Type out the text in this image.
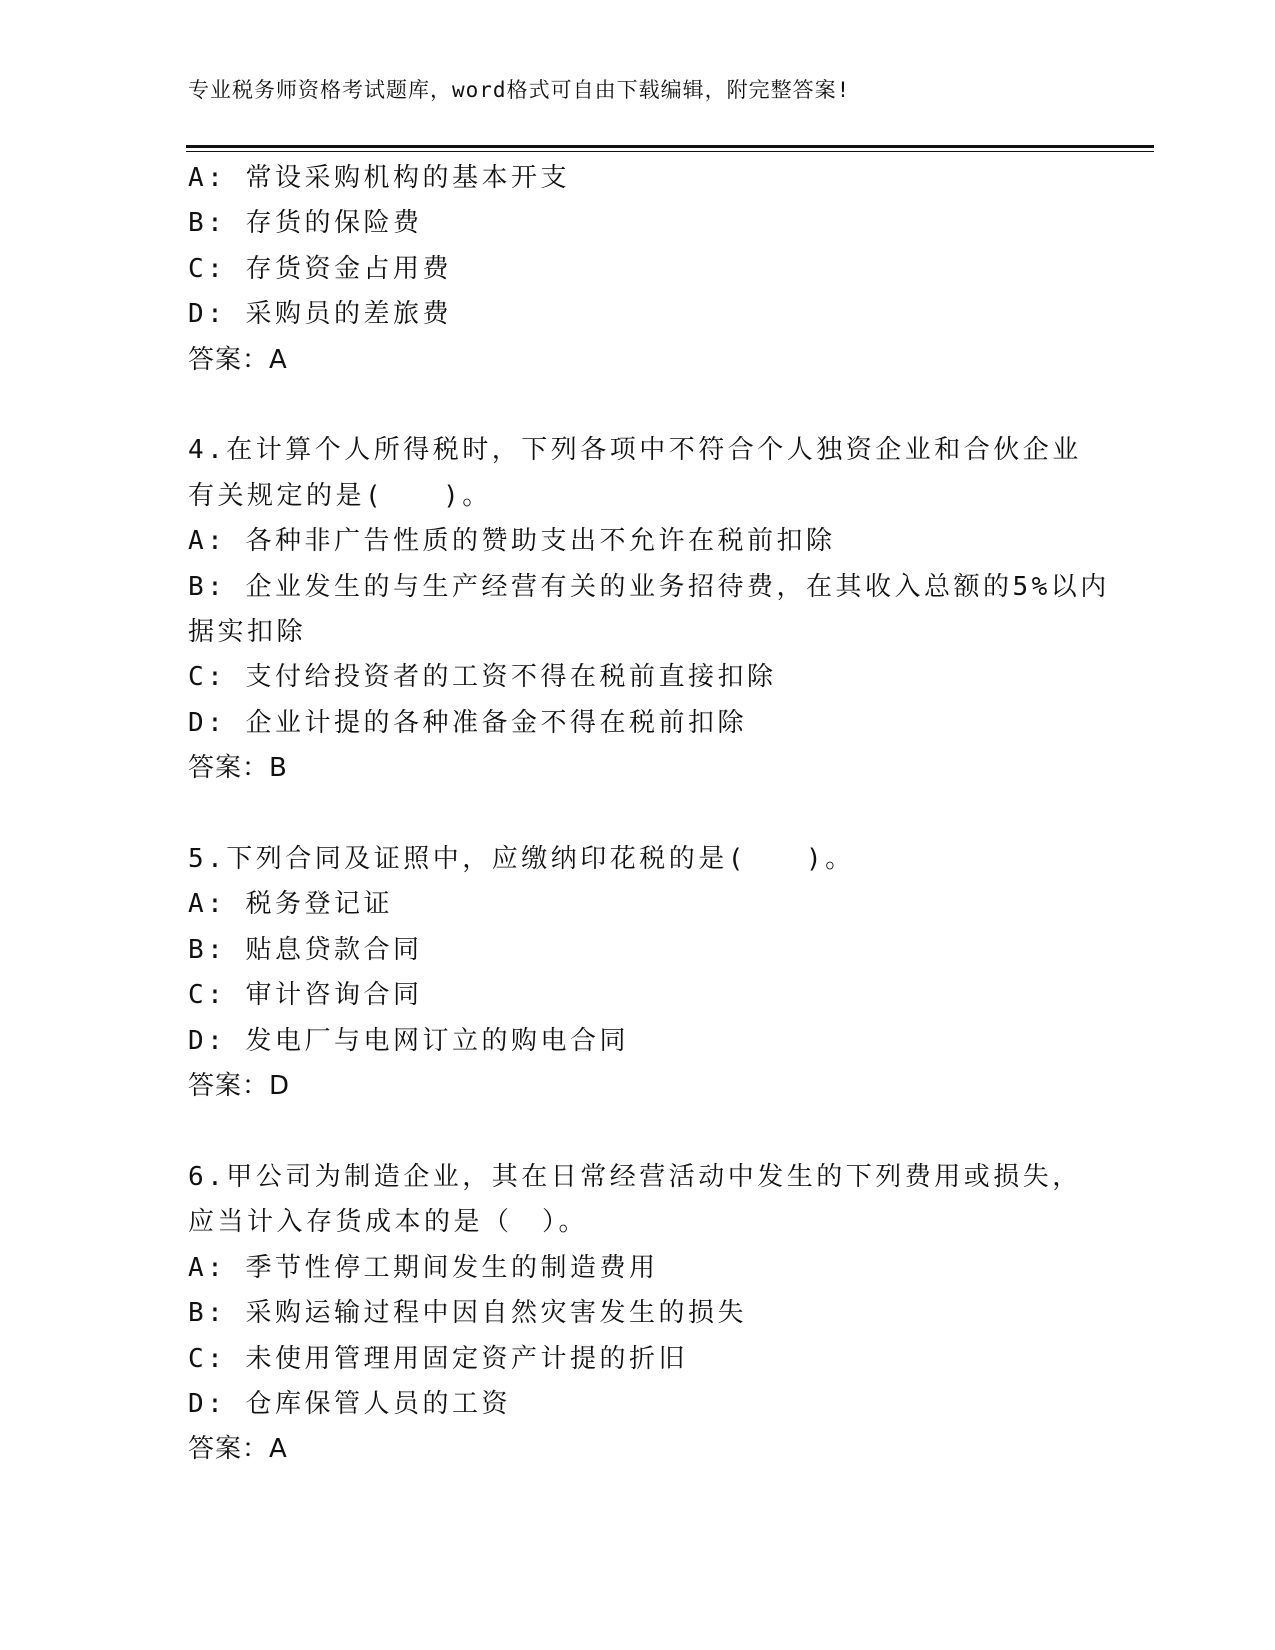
专业税务师资格考试题库，word格式可自由下载编辑，附完整答案!
A: 常设采购机构的基本开支
B: 存货的保险费
C: 存货资金占用费
D: 采购员的差旅费
答案：A
4.在计算个人所得税时，下列各项中不符合个人独资企业和合伙企业
有关规定的是(　　)。
A: 各种非广告性质的赞助支出不允许在税前扣除
B: 企业发生的与生产经营有关的业务招待费，在其收入总额的5%以内
据实扣除
C: 支付给投资者的工资不得在税前直接扣除
D: 企业计提的各种准备金不得在税前扣除
答案：B
5.下列合同及证照中，应缴纳印花税的是(　　)。
A: 税务登记证
B: 贴息贷款合同
C: 审计咨询合同
D: 发电厂与电网订立的购电合同
答案：D
6.甲公司为制造企业，其在日常经营活动中发生的下列费用或损失，
应当计入存货成本的是（　）。
A: 季节性停工期间发生的制造费用
B: 采购运输过程中因自然灾害发生的损失
C: 未使用管理用固定资产计提的折旧
D: 仓库保管人员的工资
答案：A
